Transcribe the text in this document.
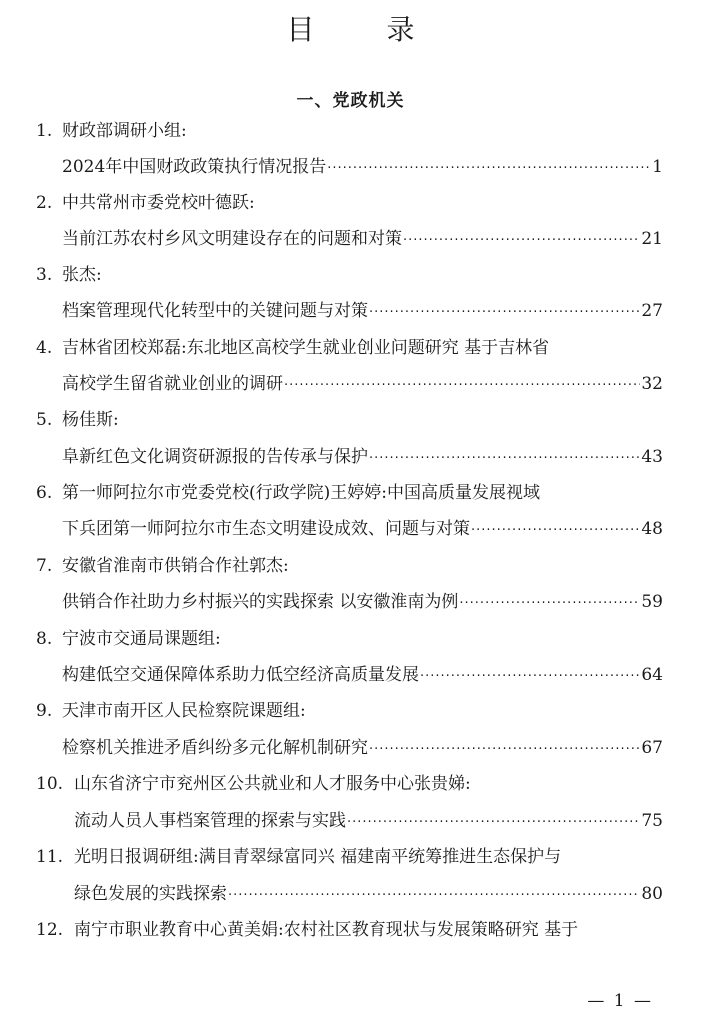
目　录
一、党政机关
1. 财政部调研小组:
2024年中国财政政策执行情况报告 ·····	1
2. 中共常州市委党校叶德跃:
当前江苏农村乡风文明建设存在的问题和对策 ·····	21
3. 张杰:
档案管理现代化转型中的关键问题与对策 ·····	27
4. 吉林省团校郑磊:东北地区高校学生就业创业问题研究 基于吉林省
高校学生留省就业创业的调研 ·····	32
5. 杨佳斯:
阜新红色文化调资研源报的告传承与保护 ·····	43
6. 第一师阿拉尔市党委党校(行政学院)王婷婷:中国高质量发展视域
下兵团第一师阿拉尔市生态文明建设成效、问题与对策 ·····	48
7. 安徽省淮南市供销合作社郭杰:
供销合作社助力乡村振兴的实践探索 以安徽淮南为例 ·····	59
8. 宁波市交通局课题组:
构建低空交通保障体系助力低空经济高质量发展 ·····	64
9. 天津市南开区人民检察院课题组:
检察机关推进矛盾纠纷多元化解机制研究 ·····	67
10. 山东省济宁市兖州区公共就业和人才服务中心张贵娣:
流动人员人事档案管理的探索与实践 ·····	75
11. 光明日报调研组:满目青翠绿富同兴 福建南平统筹推进生态保护与
绿色发展的实践探索 ·····	80
12. 南宁市职业教育中心黄美娟:农村社区教育现状与发展策略研究 基于
— 1 —
